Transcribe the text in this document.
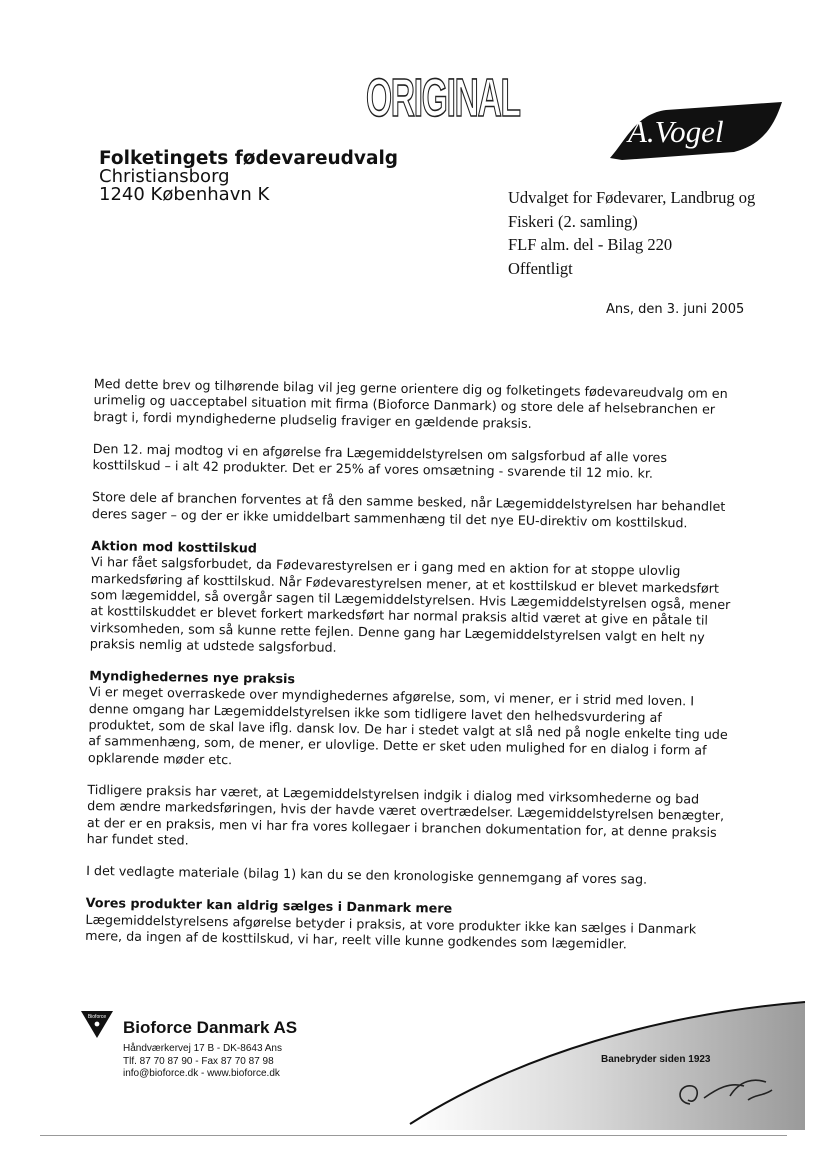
ORIGINAL
A.Vogel
Folketingets fødevareudvalg
Christiansborg
1240 København K	Udvalget for Fødevarer, Landbrug og
Fiskeri (2. samling)
FLF alm. del - Bilag 220
Offentligt
Ans, den 3. juni 2005

Med dette brev og tilhørende bilag vil jeg gerne orientere dig og folketingets fødevareudvalg om en urimelig og uacceptabel situation mit firma (Bioforce Danmark) og store dele af helsebranchen er bragt i, fordi myndighederne pludselig fraviger en gældende praksis.

Den 12. maj modtog vi en afgørelse fra Lægemiddelstyrelsen om salgsforbud af alle vores kosttilskud – i alt 42 produkter. Det er 25% af vores omsætning - svarende til 12 mio. kr.

Store dele af branchen forventes at få den samme besked, når Lægemiddelstyrelsen har behandlet deres sager – og der er ikke umiddelbart sammenhæng til det nye EU-direktiv om kosttilskud.

Aktion mod kosttilskud

Vi har fået salgsforbudet, da Fødevarestyrelsen er i gang med en aktion for at stoppe ulovlig markedsføring af kosttilskud. Når Fødevarestyrelsen mener, at et kosttilskud er blevet markedsført som lægemiddel, så overgår sagen til Lægemiddelstyrelsen. Hvis Lægemiddelstyrelsen også, mener at kosttilskuddet er blevet forkert markedsført har normal praksis altid været at give en påtale til virksomheden, som så kunne rette fejlen. Denne gang har Lægemiddelstyrelsen valgt en helt ny praksis nemlig at udstede salgsforbud.

Myndighedernes nye praksis

Vi er meget overraskede over myndighedernes afgørelse, som, vi mener, er i strid med loven. I denne omgang har Lægemiddelstyrelsen ikke som tidligere lavet den helhedsvurdering af produktet, som de skal lave iflg. dansk lov. De har i stedet valgt at slå ned på nogle enkelte ting ude af sammenhæng, som, de mener, er ulovlige. Dette er sket uden mulighed for en dialog i form af opklarende møder etc.

Tidligere praksis har været, at Lægemiddelstyrelsen indgik i dialog med virksomhederne og bad dem ændre markedsføringen, hvis der havde været overtrædelser. Lægemiddelstyrelsen benægter, at der er en praksis, men vi har fra vores kollegaer i branchen dokumentation for, at denne praksis har fundet sted.

I det vedlagte materiale (bilag 1) kan du se den kronologiske gennemgang af vores sag.

Vores produkter kan aldrig sælges i Danmark mere

Lægemiddelstyrelsens afgørelse betyder i praksis, at vore produkter ikke kan sælges i Danmark mere, da ingen af de kosttilskud, vi har, reelt ville kunne godkendes som lægemidler.

Bioforce
Bioforce Danmark AS
Håndværkervej 17 B - DK-8643 Ans
Tlf. 87 70 87 90 - Fax 87 70 87 98
info@bioforce.dk - www.bioforce.dk
Banebryder siden 1923
